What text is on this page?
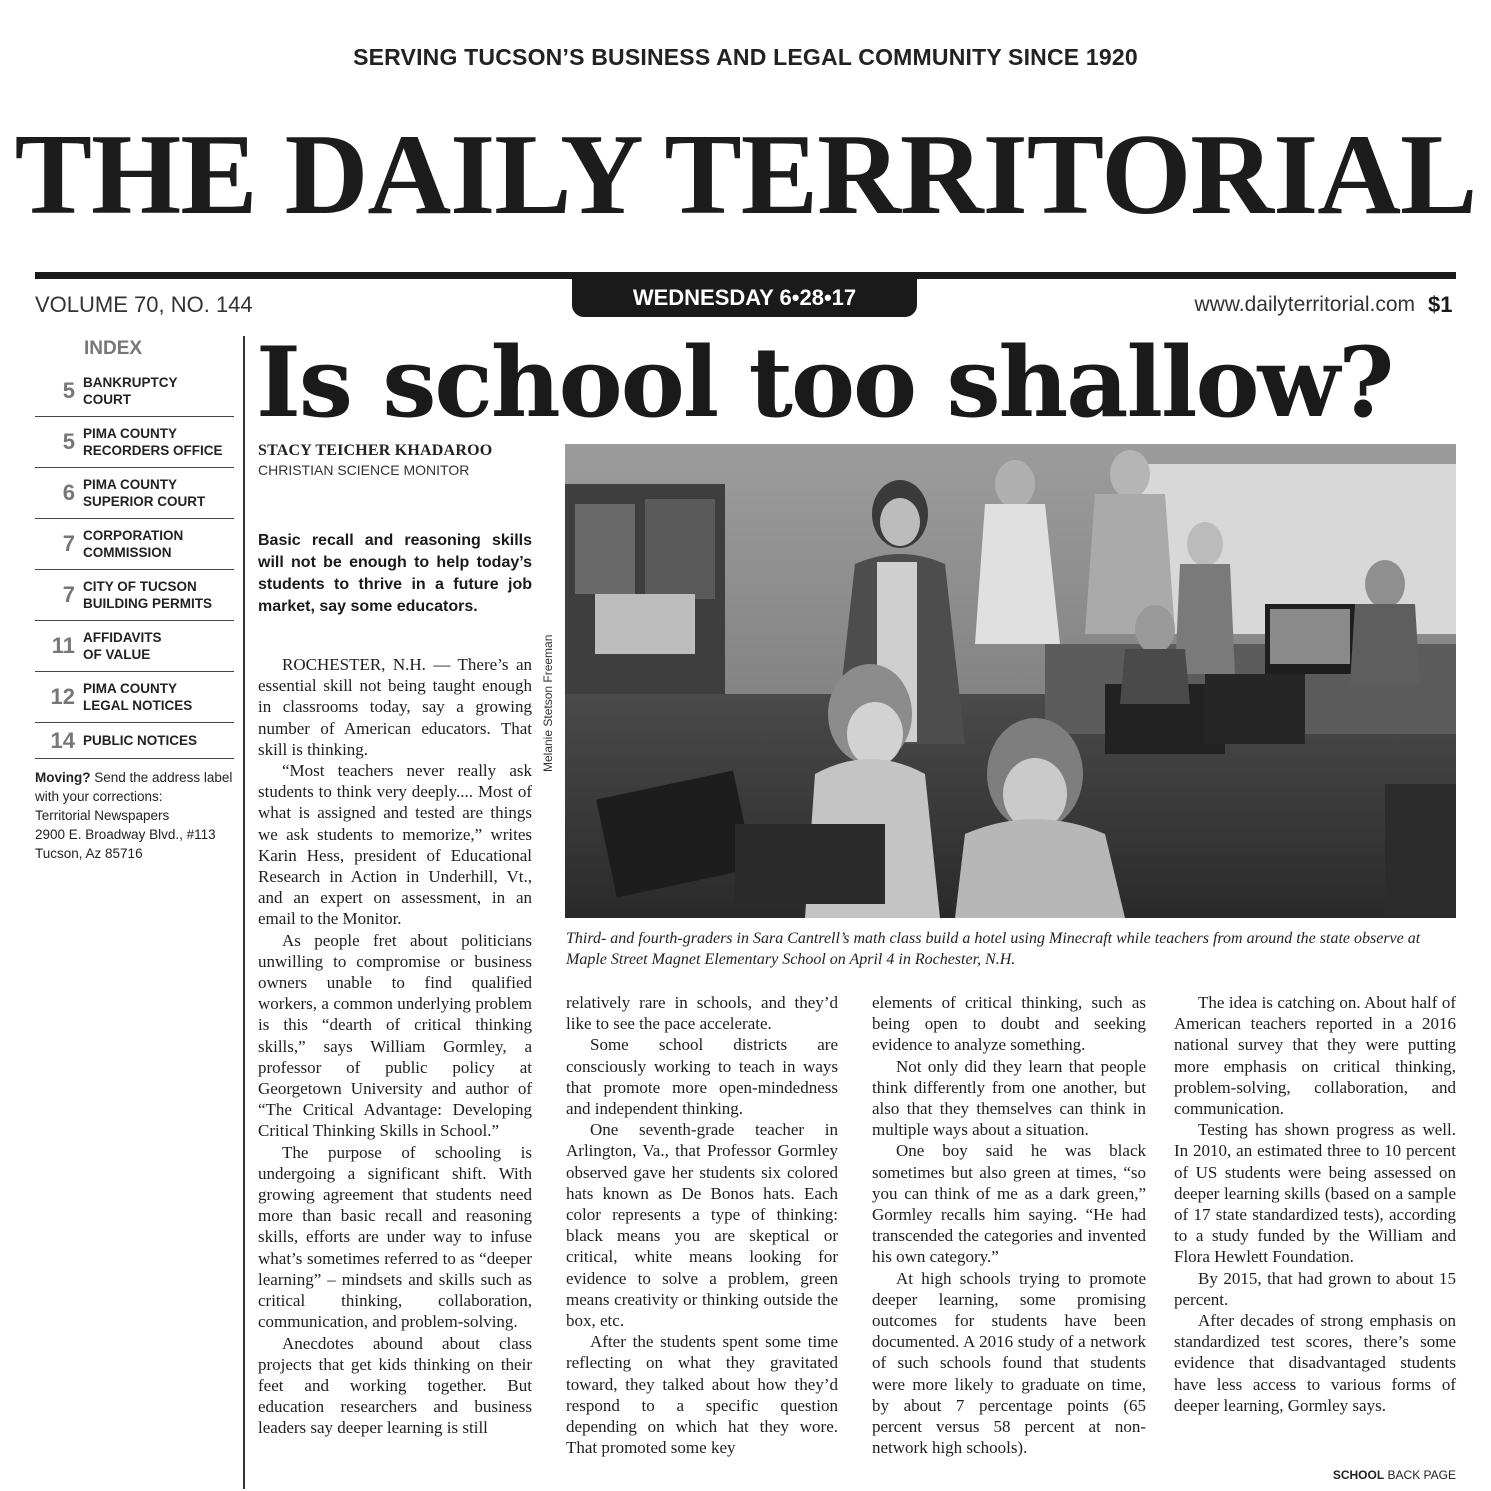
SERVING TUCSON’S BUSINESS AND LEGAL COMMUNITY SINCE 1920
THE DAILY TERRITORIAL
VOLUME 70, NO. 144	WEDNESDAY 6•28•17	www.dailyterritorial.com $1
INDEX
5 BANKRUPTCY
COURT
5 PIMA COUNTY
RECORDERS OFFICE
6 PIMA COUNTY
SUPERIOR COURT
7 CORPORATION
COMMISSION
7 CITY OF TUCSON
BUILDING PERMITS
11 AFFIDAVITS
OF VALUE
12 PIMA COUNTY
LEGAL NOTICES
14 PUBLIC NOTICES
Moving? Send the address label with your corrections:
Territorial Newspapers
2900 E. Broadway Blvd., #113
Tucson, Az 85716
Is school too shallow?
STACY TEICHER KHADAROO
CHRISTIAN SCIENCE MONITOR
Basic recall and reasoning skills will not be enough to help today’s students to thrive in a future job market, say some educators.
Melanie Stetson Freeman
Third- and fourth-graders in Sara Cantrell’s math class build a hotel using Minecraft while teachers from around the state observe at Maple Street Magnet Elementary School on April 4 in Rochester, N.H.

ROCHESTER, N.H. — There’s an essential skill not being taught enough in classrooms today, say a growing number of American educators. That skill is thinking.

“Most teachers never really ask students to think very deeply.... Most of what is assigned and tested are things we ask students to memorize,” writes Karin Hess, president of Educational Research in Action in Underhill, Vt., and an expert on assessment, in an email to the Monitor.

As people fret about politicians unwilling to compromise or business owners unable to find qualified workers, a common underlying problem is this “dearth of critical thinking skills,” says William Gormley, a professor of public policy at Georgetown University and author of “The Critical Advantage: Developing Critical Thinking Skills in School.”

The purpose of schooling is undergoing a significant shift. With growing agreement that students need more than basic recall and reasoning skills, efforts are under way to infuse what’s sometimes referred to as “deeper learning” – mindsets and skills such as critical thinking, collaboration, communication, and problem-solving.

Anecdotes abound about class projects that get kids thinking on their feet and working together. But education researchers and business leaders say deeper learning is still

relatively rare in schools, and they’d like to see the pace accelerate.

Some school districts are consciously working to teach in ways that promote more open-mindedness and independent thinking.

One seventh-grade teacher in Arlington, Va., that Professor Gormley observed gave her students six colored hats known as De Bonos hats. Each color represents a type of thinking: black means you are skeptical or critical, white means looking for evidence to solve a problem, green means creativity or thinking outside the box, etc.

After the students spent some time reflecting on what they gravitated toward, they talked about how they’d respond to a specific question depending on which hat they wore. That promoted some key

elements of critical thinking, such as being open to doubt and seeking evidence to analyze something.

Not only did they learn that people think differently from one another, but also that they themselves can think in multiple ways about a situation.

One boy said he was black sometimes but also green at times, “so you can think of me as a dark green,” Gormley recalls him saying. “He had transcended the categories and invented his own category.”

At high schools trying to promote deeper learning, some promising outcomes for students have been documented. A 2016 study of a network of such schools found that students were more likely to graduate on time, by about 7 percentage points (65 percent versus 58 percent at non-network high schools).

The idea is catching on. About half of American teachers reported in a 2016 national survey that they were putting more emphasis on critical thinking, problem-solving, collaboration, and communication.

Testing has shown progress as well. In 2010, an estimated three to 10 percent of US students were being assessed on deeper learning skills (based on a sample of 17 state standardized tests), according to a study funded by the William and Flora Hewlett Foundation.

By 2015, that had grown to about 15 percent.

After decades of strong emphasis on standardized test scores, there’s some evidence that disadvantaged students have less access to various forms of deeper learning, Gormley says.

SCHOOL BACK PAGE
